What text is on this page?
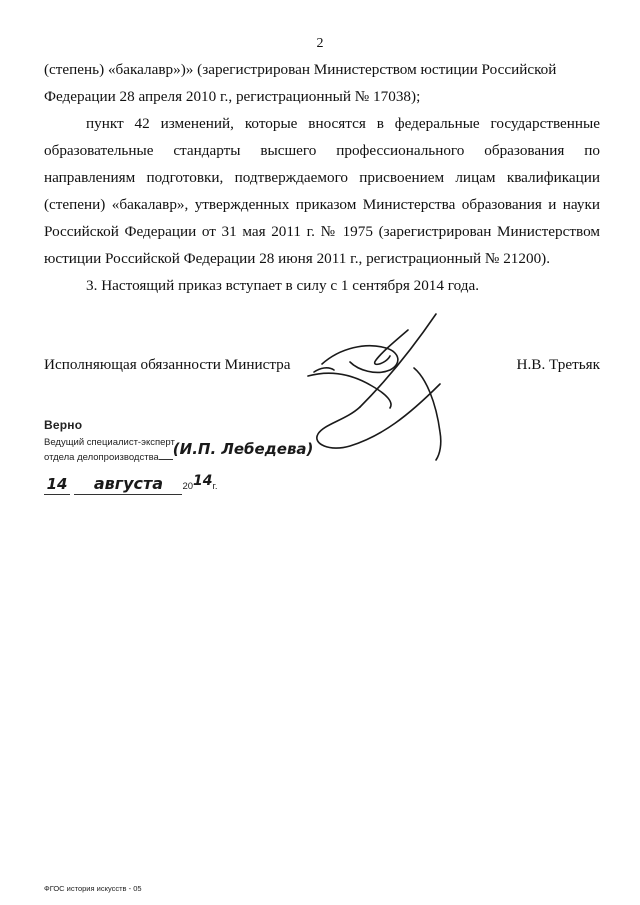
2

(степень) «бакалавр»)» (зарегистрирован Министерством юстиции Российской
Федерации 28 апреля 2010 г., регистрационный № 17038);

пункт 42 изменений, которые вносятся в федеральные государственные образовательные стандарты высшего профессионального образования по направлениям подготовки, подтверждаемого присвоением лицам квалификации (степени) «бакалавр», утвержденных приказом Министерства образования и науки Российской Федерации от 31 мая 2011 г. № 1975 (зарегистрирован Министерством юстиции Российской Федерации 28 июня 2011 г., регистрационный № 21200).

3. Настоящий приказ вступает в силу с 1 сентября 2014 года.

Исполняющая обязанности Министра	Н.В. Третьяк
Верно
Ведущий специалист-эксперт
отдела делопроизводства (И.П. Лебедева)
14 августа 2014г.
ФГОС история искусств - 05
